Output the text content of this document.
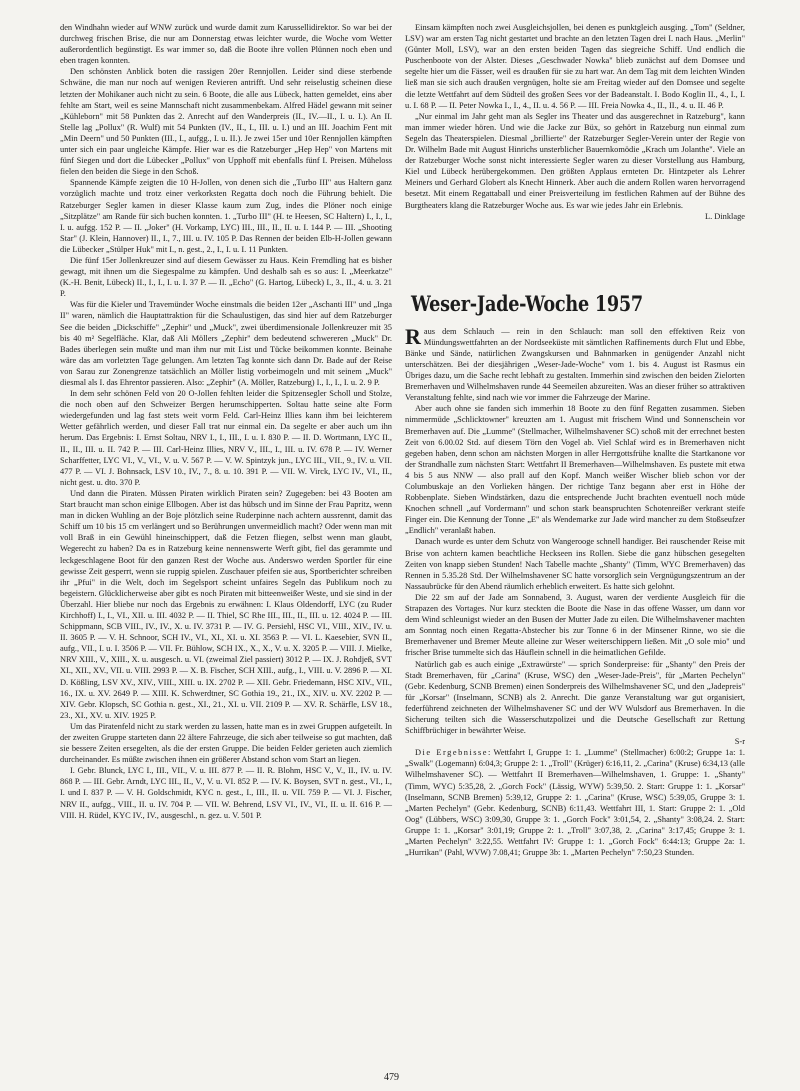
den Windhahn wieder auf WNW zurück und wurde damit zum Karussellidirektor. So war bei der durchweg frischen Brise, die nur am Donnerstag etwas leichter wurde, die Woche vom Wetter außerordentlich begünstigt. Es war immer so, daß die Boote ihre vollen Plünnen noch eben und eben tragen konnten.

Den schönsten Anblick boten die rassigen 20er Rennjollen. Leider sind diese sterbende Schwäne, die man nur noch auf wenigen Revieren antrifft. Und sehr reiselustig scheinen diese letzten der Mohikaner auch nicht zu sein. 6 Boote, die alle aus Lübeck, hatten gemeldet, eins aber fehlte am Start, weil es seine Mannschaft nicht zusammenbekam. Alfred Hädel gewann mit seiner „Kühleborn" mit 58 Punkten das 2. Anrecht auf den Wanderpreis (II., IV.—II., I. u. I.). An II. Stelle lag „Pollux" (R. Wulf) mit 54 Punkten (IV., II., I., III. u. I.) und an III. Joachim Fent mit „Min Deern" und 50 Punkten (III., I., aufgg., I. u. II.). Je zwei 15er und 10er Rennjollen kämpften unter sich ein paar ungleiche Kämpfe. Hier war es die Ratzeburger „Hep Hep" von Martens mit fünf Siegen und dort die Lübecker „Pollux" von Upphoff mit ebenfalls fünf I. Preisen. Müheloss fielen den beiden die Siege in den Schoß.

Spannende Kämpfe zeigten die 10 H-Jollen, von denen sich die „Turbo III" aus Haltern ganz vorzüglich machte und trotz einer verkorksten Regatta doch noch die Führung behielt. Die Ratzeburger Segler kamen in dieser Klasse kaum zum Zug, indes die Plöner noch einige „Sitzplätze" am Rande für sich buchen konnten. 1. „Turbo III" (H. te Heesen, SC Haltern) I., I., I., I. u. aufgg. 152 P. — II. „Joker" (H. Vorkamp, LYC) III., III., II., II. u. I. 144 P. — III. „Shooting Star" (J. Klein, Hannover) II., I., 7., III. u. IV. 105 P. Das Rennen der beiden Elb-H-Jollen gewann die Lübecker „Stülper Huk" mit I., n. gest., 2., I., I. u. I. 11 Punkten.

Die fünf 15er Jollenkreuzer sind auf diesem Gewässer zu Haus. Kein Fremdling hat es bisher gewagt, mit ihnen um die Siegespalme zu kämpfen. Und deshalb sah es so aus: I. „Meerkatze" (K.-H. Benit, Lübeck) II., I., I., I. u. I. 37 P. — II. „Echo" (G. Hartog, Lübeck) I., 3., II., 4. u. 3. 21 P.

Was für die Kieler und Travemünder Woche einstmals die beiden 12er „Aschanti III" und „Inga II" waren, nämlich die Hauptattraktion für die Schaulustigen, das sind hier auf dem Ratzeburger See die beiden „Dickschiffe" „Zephir" und „Muck", zwei überdimensionale Jollenkreuzer mit 35 bis 40 m² Segelfläche. Klar, daß Ali Möllers „Zephir" dem bedeutend schwereren „Muck" Dr. Bades überlegen sein mußte und man ihm nur mit List und Tücke beikommen konnte. Beinahe wäre das am vorletzten Tage gelungen. Am letzten Tag konnte sich dann Dr. Bade auf der Reise von Sarau zur Zonengrenze tatsächlich an Möller listig vorbeimogeln und mit seinem „Muck" diesmal als I. das Ehrentor passieren. Also: „Zephir" (A. Möller, Ratzeburg) I., I., I., I. u. 2. 9 P.

In dem sehr schönen Feld von 20 O-Jollen fehlten leider die Spitzensegler Scholl und Stolze, die noch oben auf den Schweizer Bergen herumschipperten. Soltau hatte seine alte Form wiedergefunden und lag fast stets weit vorm Feld. Carl-Heinz Illies kann ihm bei leichterem Wetter gefährlich werden, und dieser Fall trat nur einmal ein. Da segelte er aber auch um ihn herum. Das Ergebnis: I. Ernst Soltau, NRV I., I., III., I. u. I. 830 P. — II. D. Wortmann, LYC II., II., II., III. u. II. 742 P. — III. Carl-Heinz Illies, NRV V., III., I., III. u. IV. 678 P. — IV. Werner Scharffetter, LYC VI., V., VI., V. u. V. 567 P. — V. W. Spintzyk jun., LYC III., VII., 9., IV. u. VII. 477 P. — VI. J. Bohnsack, LSV 10., IV., 7., 8. u. 10. 391 P. — VII. W. Virck, LYC IV., VI., II., nicht gest. u. dto. 370 P.

Und dann die Piraten. Müssen Piraten wirklich Piraten sein? Zugegeben: bei 43 Booten am Start braucht man schon einige Ellbogen. Aber ist das hübsch und im Sinne der Frau Papritz, wenn man in dicken Wuhling an der Boje plötzlich seine Ruderpinne nach achtern aussrennt, damit das Schiff um 10 bis 15 cm verlängert und so Berührungen unvermeidlich macht? Oder wenn man mit voll Braß in ein Gewühl hineinschippert, daß die Fetzen fliegen, selbst wenn man glaubt, Wegerecht zu haben? Da es in Ratzeburg keine nennenswerte Werft gibt, fiel das gerammte und leckgeschlagene Boot für den ganzen Rest der Woche aus. Anderswo werden Sportler für eine gewisse Zeit gesperrt, wenn sie ruppig spielen. Zuschauer pfeifen sie aus, Sportberichter schreiben ihr „Pfui" in die Welt, doch im Segelsport scheint unfaires Segeln das Publikum noch zu begeistern. Glücklicherweise aber gibt es noch Piraten mit bitteenweißer Weste, und sie sind in der Überzahl. Hier bliebe nur noch das Ergebnis zu erwähnen: I. Klaus Oldendorff, LYC (zu Ruder Kirchhoff) I., I., VI., XII. u. III. 4032 P. — II. Thiel, SC Rhe III., III., II., III. u. 12. 4024 P. — III. Schippmann, SCB VIII., IV., IV., X. u. IV. 3731 P. — IV. G. Persiehl, HSC VI., VIII., XIV., IV. u. II. 3605 P. — V. H. Schnoor, SCH IV., VI., XI., XI. u. XI. 3563 P. — VI. L. Kaesebier, SVN II., aufg., VII., I. u. I. 3506 P. — VII. Fr. Bühlow, SCH IX., X., X., V. u. X. 3205 P. — VIII. J. Mielke, NRV XIII., V., XIII., X. u. ausgesch. u. VI. (zweimal Ziel passiert) 3012 P. — IX. J. Rohdjeß, SVT XI., XII., XV., VII. u. VIII. 2993 P. — X. B. Fischer, SCH XIII., aufg., I., VIII. u. V. 2896 P. — XI. D. Kößling, LSV XV., XIV., VIII., XIII. u. IX. 2702 P. — XII. Gebr. Friedemann, HSC XIV., VII., 16., IX. u. XV. 2649 P. — XIII. K. Schwerdtner, SC Gothia 19., 21., IX., XIV. u. XV. 2202 P. — XIV. Gebr. Klopsch, SC Gothia n. gest., XI., 21., XI. u. VII. 2109 P. — XV. R. Schärfle, LSV 18., 23., XI., XV. u. XIV. 1925 P.

Um das Piratenfeld nicht zu stark werden zu lassen, hatte man es in zwei Gruppen aufgeteilt. In der zweiten Gruppe starteten dann 22 ältere Fahrzeuge, die sich aber teilweise so gut machten, daß sie bessere Zeiten ersegelten, als die der ersten Gruppe. Die beiden Felder gerieten auch ziemlich durcheinander. Es müßte zwischen ihnen ein größerer Abstand schon vom Start an liegen.

I. Gebr. Blunck, LYC I., III., VII., V. u. III. 877 P. — II. R. Blohm, HSC V., V., II., IV. u. IV. 868 P. — III. Gebr. Arndt, LYC III., II., V., V. u. VI. 852 P. — IV. K. Boysen, SVT n. gest., VI., I., I. und I. 837 P. — V. H. Goldschmidt, KYC n. gest., I., III., II. u. VII. 759 P. — VI. J. Fischer, NRV II., aufgg., VIII., II. u. IV. 704 P. — VII. W. Behrend, LSV VI., IV., VI., II. u. II. 616 P. — VIII. H. Rüdel, KYC IV., IV., ausgeschl., n. gez. u. V. 501 P.

Einsam kämpften noch zwei Ausgleichsjollen, bei denen es punktgleich ausging. „Tom" (Seldner, LSV) war am ersten Tag nicht gestartet und brachte an den letzten Tagen drei I. nach Haus. „Merlin" (Günter Moll, LSV), war an den ersten beiden Tagen das siegreiche Schiff. Und endlich die Puschenboote von der Alster. Dieses „Geschwader Nowka" blieb zunächst auf dem Domsee und segelte hier um die Fässer, weil es draußen für sie zu hart war. An dem Tag mit dem leichten Winden ließ man sie sich auch draußen vergnügen, holte sie am Freitag wieder auf den Domsee und segelte die letzte Wettfahrt auf dem Südteil des großen Sees vor der Badeanstalt. I. Bodo Koglin II., 4., I., I. u. I. 68 P. — II. Peter Nowka I., I., 4., II. u. 4. 56 P. — III. Freia Nowka 4., II., II., 4. u. II. 46 P.

„Nur einmal im Jahr geht man als Segler ins Theater und das ausgerechnet in Ratzeburg", kann man immer wieder hören. Und wie die Jacke zur Büx, so gehört in Ratzeburg nun einmal zum Segeln das Theaterspielen. Diesmal „brillierte" der Ratzeburger Segler-Verein unter der Regie von Dr. Wilhelm Bade mit August Hinrichs unsterblicher Bauernkomödie „Krach um Jolanthe". Viele an der Ratzeburger Woche sonst nicht interessierte Segler waren zu dieser Vorstellung aus Hamburg, Kiel und Lübeck herübergekommen. Den größten Applaus ernteten Dr. Hintzpeter als Lehrer Meiners und Gerhard Globert als Knecht Hinnerk. Aber auch die andern Rollen waren hervorragend besetzt. Mit einem Regattaball und einer Preisverteilung im festlichen Rahmen auf der Bühne des Burgtheaters klang die Ratzeburger Woche aus. Es war wie jedes Jahr ein Erlebnis.

L. Dinklage

Weser-Jade-Woche 1957

R aus dem Schlauch — rein in den Schlauch: man soll den effektiven Reiz von Mündungswettfahrten an der Nordseeküste mit sämtlichen Raffinements durch Flut und Ebbe, Bänke und Sände, natürlichen Zwangskursen und Bahnmarken in genügender Anzahl nicht unterschätzen. Bei der diesjährigen „Weser-Jade-Woche" vom 1. bis 4. August ist Rasmus ein Übriges dazu, um die Sache recht lebhaft zu gestalten. Immerhin sind zwischen den beiden Zielorten Bremerhaven und Wilhelmshaven runde 44 Seemeilen abzureiten. Was an dieser früher so attraktiven Veranstaltung fehlte, sind nach wie vor immer die Fahrzeuge der Marine.

Aber auch ohne sie fanden sich immerhin 18 Boote zu den fünf Regatten zusammen. Sieben nimmermüde „Schlicktowner" kreuzten am 1. August mit frischem Wind und Sonnenschein vor Bremerhaven auf. Die „Lumme" (Stellmacher, Wilhelmshavener SC) schoß mit der errechnet besten Zeit von 6.00.02 Std. auf diesem Törn den Vogel ab. Viel Schlaf wird es in Bremerhaven nicht gegeben haben, denn schon am nächsten Morgen in aller Herrgottsfrühe knallte die Startkanone vor der Strandhalle zum nächsten Start: Wettfahrt II Bremerhaven—Wilhelmshaven. Es pustete mit etwa 4 bis 5 aus NNW — also prall auf den Kopf. Manch weißer Wischer blieb schon vor der Columbuskaje an den Vorlieken hängen. Der richtige Tanz begann aber erst in Höhe der Robbenplate. Sieben Windstärken, dazu die entsprechende Jucht brachten eventuell noch müde Knochen schnell „auf Vordermann" und schon stark beanspruchten Schotenreißer verkrant steife Finger ein. Die Kennung der Tonne „E" als Wendemarke zur Jade wird mancher zu dem Stoßseufzer „Endlich" veranlaßt haben.

Danach wurde es unter dem Schutz von Wangerooge schnell handiger. Bei rauschender Reise mit Brise von achtern kamen beachtliche Heckseen ins Rollen. Siebe die ganz hübschen gesegelten Zeiten von knapp sieben Stunden! Nach Tabelle machte „Shanty" (Timm, WYC Bremerhaven) das Rennen in 5.35.28 Std. Der Wilhelmshavener SC hatte vorsorglich sein Vergnügungszentrum an der Nassaubrücke für den Abend räumlich erheblich erweitert. Es hatte sich gelohnt.

Die 22 sm auf der Jade am Sonnabend, 3. August, waren der verdiente Ausgleich für die Strapazen des Vortages. Nur kurz steckten die Boote die Nase in das offene Wasser, um dann vor dem Wind schleunigst wieder an den Busen der Mutter Jade zu eilen. Die Wilhelmshavener machten am Sonntag noch einen Regatta-Abstecher bis zur Tonne 6 in der Minsener Rinne, wo sie die Bremerhavener und Bremer Meute alleine zur Weser weiterschippern ließen. Mit „O sole mio" und frischer Brise tummelte sich das Häuflein schnell in die heimatlichen Gefilde.

Natürlich gab es auch einige „Extrawürste" — sprich Sonderpreise: für „Shanty" den Preis der Stadt Bremerhaven, für „Carina" (Kruse, WSC) den „Weser-Jade-Preis", für „Marten Pechelyn" (Gebr. Kedenburg, SCNB Bremen) einen Sonderpreis des Wilhelmshavener SC, und den „Jadepreis" für „Korsar" (Inselmann, SCNB) als 2. Anrecht. Die ganze Veranstaltung war gut organisiert, federführend zeichneten der Wilhelmshavener SC und der WV Wulsdorf aus Bremerhaven. In die Sicherung teilten sich die Wasserschutzpolizei und die Deutsche Gesellschaft zur Rettung Schiffbrüchiger in bewährter Weise.

S-r

Die Ergebnisse: Wettfahrt I, Gruppe 1: 1. „Lumme" (Stellmacher) 6:00:2; Gruppe 1a: 1. „Swalk" (Logemann) 6:04,3; Gruppe 2: 1. „Troll" (Krüger) 6:16,11, 2. „Carina" (Kruse) 6:34,13 (alle Wilhelmshavener SC). — Wettfahrt II Bremerhaven—Wilhelmshaven, 1. Gruppe: 1. „Shanty" (Timm, WYC) 5:35,28, 2. „Gorch Fock" (Lässig, WYW) 5:39,50. 2. Start: Gruppe 1: 1. „Korsar" (Inselmann, SCNB Bremen) 5:39,12, Gruppe 2: 1. „Carina" (Kruse, WSC) 5:39,05, Gruppe 3: 1. „Marten Pechelyn" (Gebr. Kedenburg, SCNB) 6:11,43. Wettfahrt III, 1. Start: Gruppe 2: 1. „Old Oog" (Lübbers, WSC) 3:09,30, Gruppe 3: 1. „Gorch Fock" 3:01,54, 2. „Shanty" 3:08,24. 2. Start: Gruppe 1: 1. „Korsar" 3:01,19; Gruppe 2: 1. „Troll" 3:07,38, 2. „Carina" 3:17,45; Gruppe 3: 1. „Marten Pechelyn" 3:22,55. Wettfahrt IV: Gruppe 1: 1. „Gorch Fock" 6:44:13; Gruppe 2a: 1. „Hurrikan" (Pahl, WVW) 7.08,41; Gruppe 3b: 1. „Marten Pechelyn" 7:50,23 Stunden.

479
